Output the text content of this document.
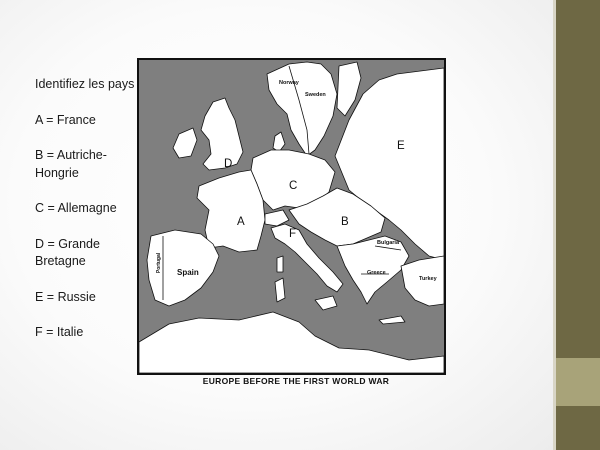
Identifiez les pays
A = France
B = Autriche-Hongrie
C = Allemagne
D = Grande Bretagne
E = Russie
F = Italie
Norway
Sweden
Spain
Portugal
Bulgaria
Greece
Turkey
D
E
C
A	B
F
EUROPE BEFORE THE FIRST WORLD WAR
